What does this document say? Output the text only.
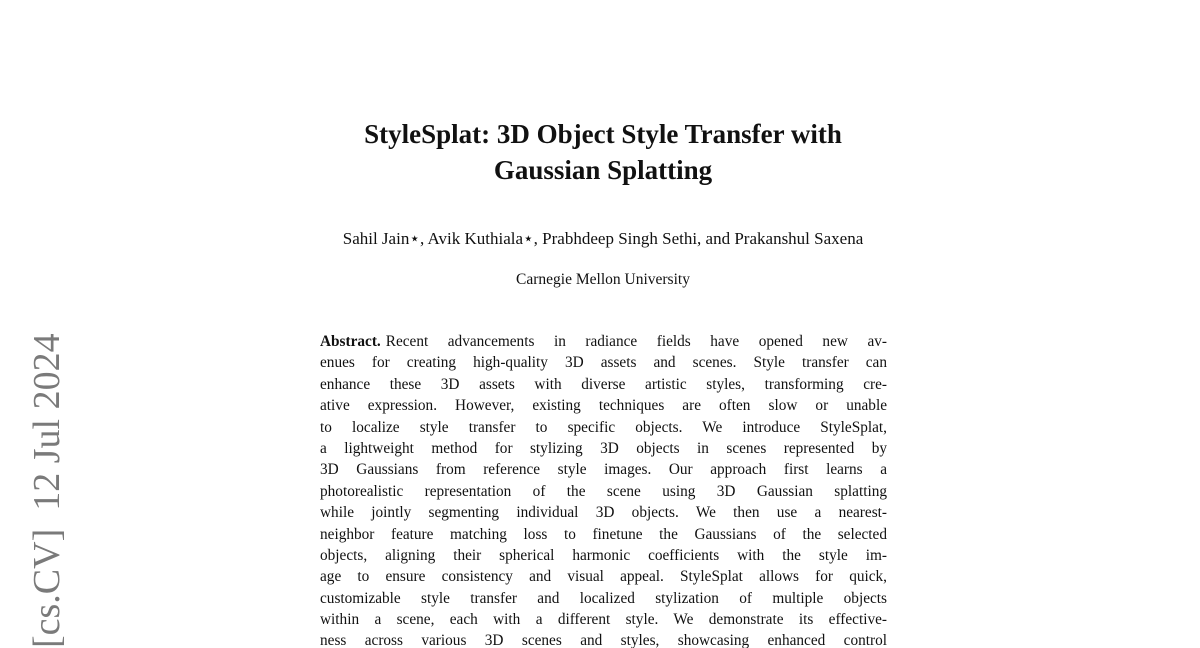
[cs.CV]12 Jul 2024
StyleSplat: 3D Object Style Transfer with
Gaussian Splatting
Sahil Jain⋆, Avik Kuthiala⋆, Prabhdeep Singh Sethi, and Prakanshul Saxena
Carnegie Mellon University
Abstract. Recent advancements in radiance fields have opened new av-
enues for creating high-quality 3D assets and scenes. Style transfer can
enhance these 3D assets with diverse artistic styles, transforming cre-
ative expression. However, existing techniques are often slow or unable
to localize style transfer to specific objects. We introduce StyleSplat,
a lightweight method for stylizing 3D objects in scenes represented by
3D Gaussians from reference style images. Our approach first learns a
photorealistic representation of the scene using 3D Gaussian splatting
while jointly segmenting individual 3D objects. We then use a nearest-
neighbor feature matching loss to finetune the Gaussians of the selected
objects, aligning their spherical harmonic coefficients with the style im-
age to ensure consistency and visual appeal. StyleSplat allows for quick,
customizable style transfer and localized stylization of multiple objects
within a scene, each with a different style. We demonstrate its effective-
ness across various 3D scenes and styles, showcasing enhanced control
